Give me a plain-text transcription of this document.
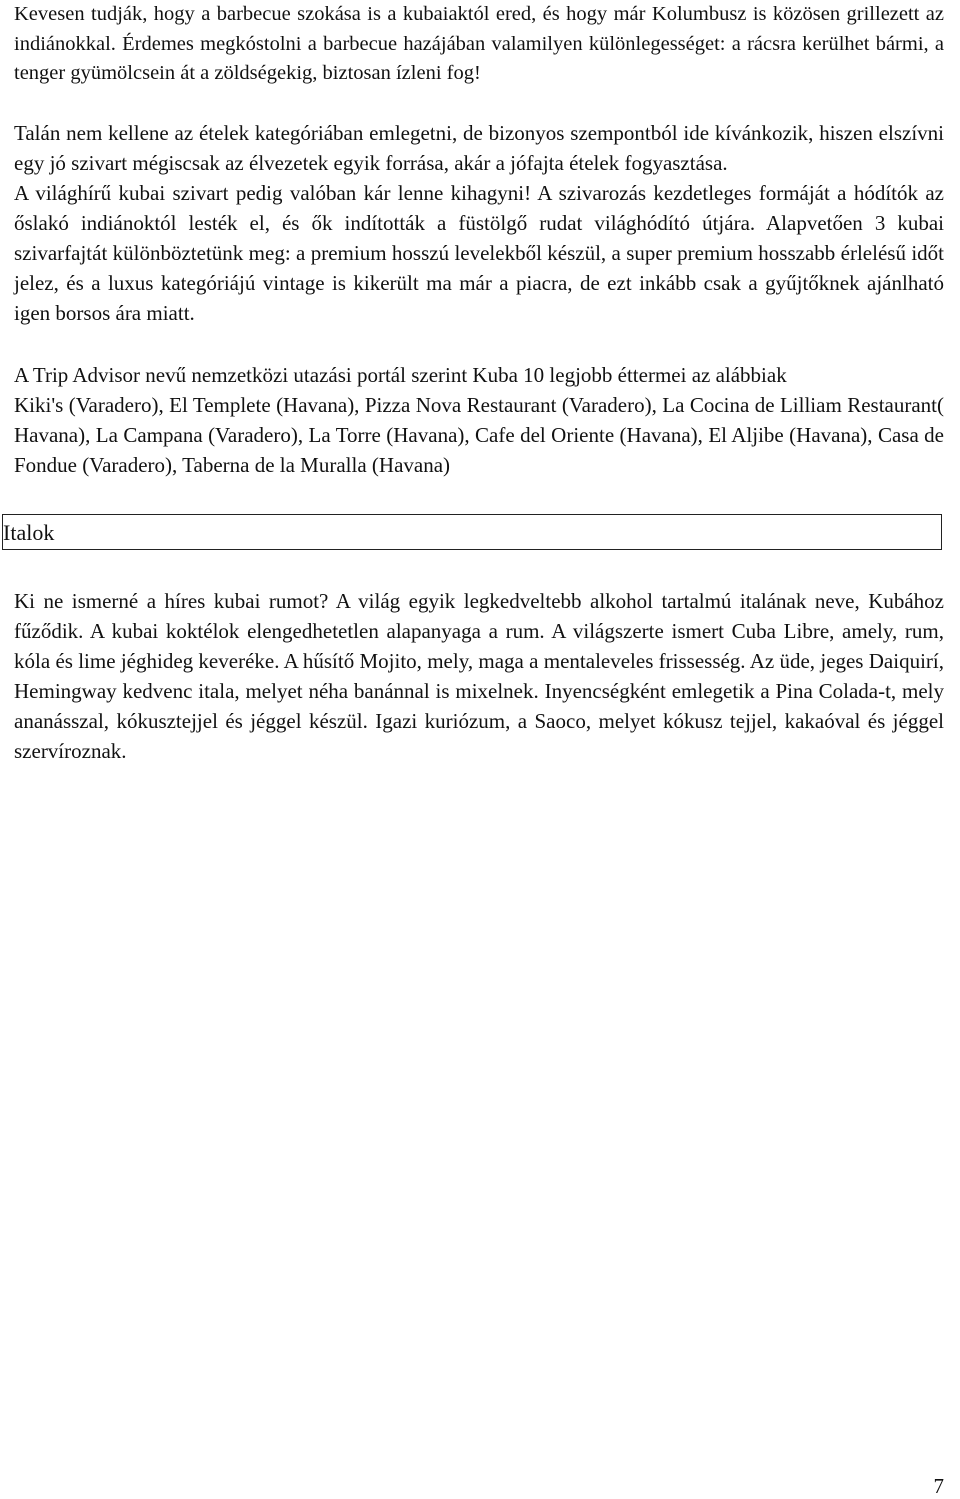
Kevesen tudják, hogy a barbecue szokása is a kubaiaktól ered, és hogy már Kolumbusz is közösen grillezett az indiánokkal. Érdemes megkóstolni a barbecue hazájában valamilyen különlegességet: a rácsra kerülhet bármi, a tenger gyümölcsein át a zöldségekig, biztosan ízleni fog!

Talán nem kellene az ételek kategóriában emlegetni, de bizonyos szempontból ide kívánkozik, hiszen elszívni egy jó szivart mégiscsak az élvezetek egyik forrása, akár a jófajta ételek fogyasztása.

A világhírű kubai szivart pedig valóban kár lenne kihagyni! A szivarozás kezdetleges formáját a hódítók az őslakó indiánoktól lesték el, és ők indították a füstölgő rudat világhódító útjára. Alapvetően 3 kubai szivarfajtát különböztetünk meg: a premium hosszú levelekből készül, a super premium hosszabb érlelésű időt jelez, és a luxus kategóriájú vintage is kikerült ma már a piacra, de ezt inkább csak a gyűjtőknek ajánlható igen borsos ára miatt.

A Trip Advisor nevű nemzetközi utazási portál szerint Kuba 10 legjobb éttermei az alábbiak

Kiki's (Varadero), El Templete (Havana), Pizza Nova Restaurant (Varadero), La Cocina de Lilliam Restaurant( Havana), La Campana (Varadero), La Torre (Havana), Cafe del Oriente (Havana), El Aljibe (Havana), Casa de Fondue (Varadero), Taberna de la Muralla (Havana)

Italok

Ki ne ismerné a híres kubai rumot? A világ egyik legkedveltebb alkohol tartalmú italának neve, Kubához fűződik. A kubai koktélok elengedhetetlen alapanyaga a rum. A világszerte ismert Cuba Libre, amely, rum, kóla és lime jéghideg keveréke. A hűsítő Mojito, mely, maga a mentaleveles frissesség. Az üde, jeges Daiquirí, Hemingway kedvenc itala, melyet néha banánnal is mixelnek. Inyencségként emlegetik a Pina Colada-t, mely ananásszal, kókusztejjel és jéggel készül. Igazi kuriózum, a Saoco, melyet kókusz tejjel, kakaóval és jéggel szervíroznak.

7
